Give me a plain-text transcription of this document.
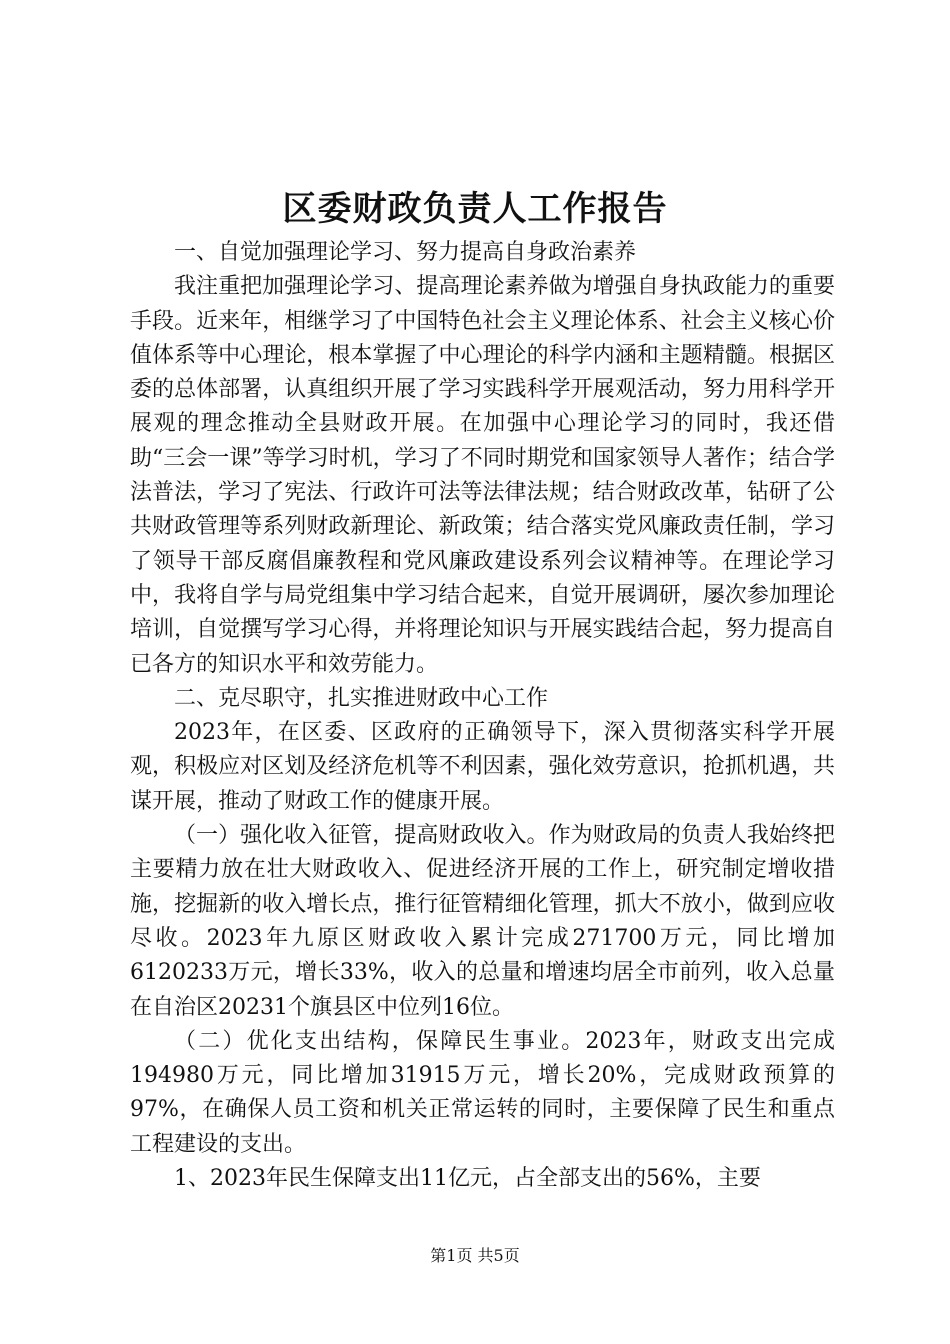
区委财政负责人工作报告

一、自觉加强理论学习、努力提高自身政治素养

我注重把加强理论学习、提高理论素养做为增强自身执政能力的重要手段。近来年，相继学习了中国特色社会主义理论体系、社会主义核心价值体系等中心理论，根本掌握了中心理论的科学内涵和主题精髓。根据区委的总体部署，认真组织开展了学习实践科学开展观活动，努力用科学开展观的理念推动全县财政开展。在加强中心理论学习的同时，我还借助“三会一课”等学习时机，学习了不同时期党和国家领导人著作；结合学法普法，学习了宪法、行政许可法等法律法规；结合财政改革，钻研了公共财政管理等系列财政新理论、新政策；结合落实党风廉政责任制，学习了领导干部反腐倡廉教程和党风廉政建设系列会议精神等。在理论学习中，我将自学与局党组集中学习结合起来，自觉开展调研，屡次参加理论培训，自觉撰写学习心得，并将理论知识与开展实践结合起，努力提高自已各方的知识水平和效劳能力。

二、克尽职守，扎实推进财政中心工作

2023年，在区委、区政府的正确领导下，深入贯彻落实科学开展观，积极应对区划及经济危机等不利因素，强化效劳意识，抢抓机遇，共谋开展，推动了财政工作的健康开展。

（一）强化收入征管，提高财政收入。作为财政局的负责人我始终把主要精力放在壮大财政收入、促进经济开展的工作上，研究制定增收措施，挖掘新的收入增长点，推行征管精细化管理，抓大不放小，做到应收尽收。2023年九原区财政收入累计完成271700万元，同比增加6120233万元，增长33%，收入的总量和增速均居全市前列，收入总量在自治区20231个旗县区中位列16位。

（二）优化支出结构，保障民生事业。2023年，财政支出完成194980万元，同比增加31915万元，增长20%，完成财政预算的97%，在确保人员工资和机关正常运转的同时，主要保障了民生和重点工程建设的支出。

1、2023年民生保障支出11亿元，占全部支出的56%，主要

第1页 共5页
